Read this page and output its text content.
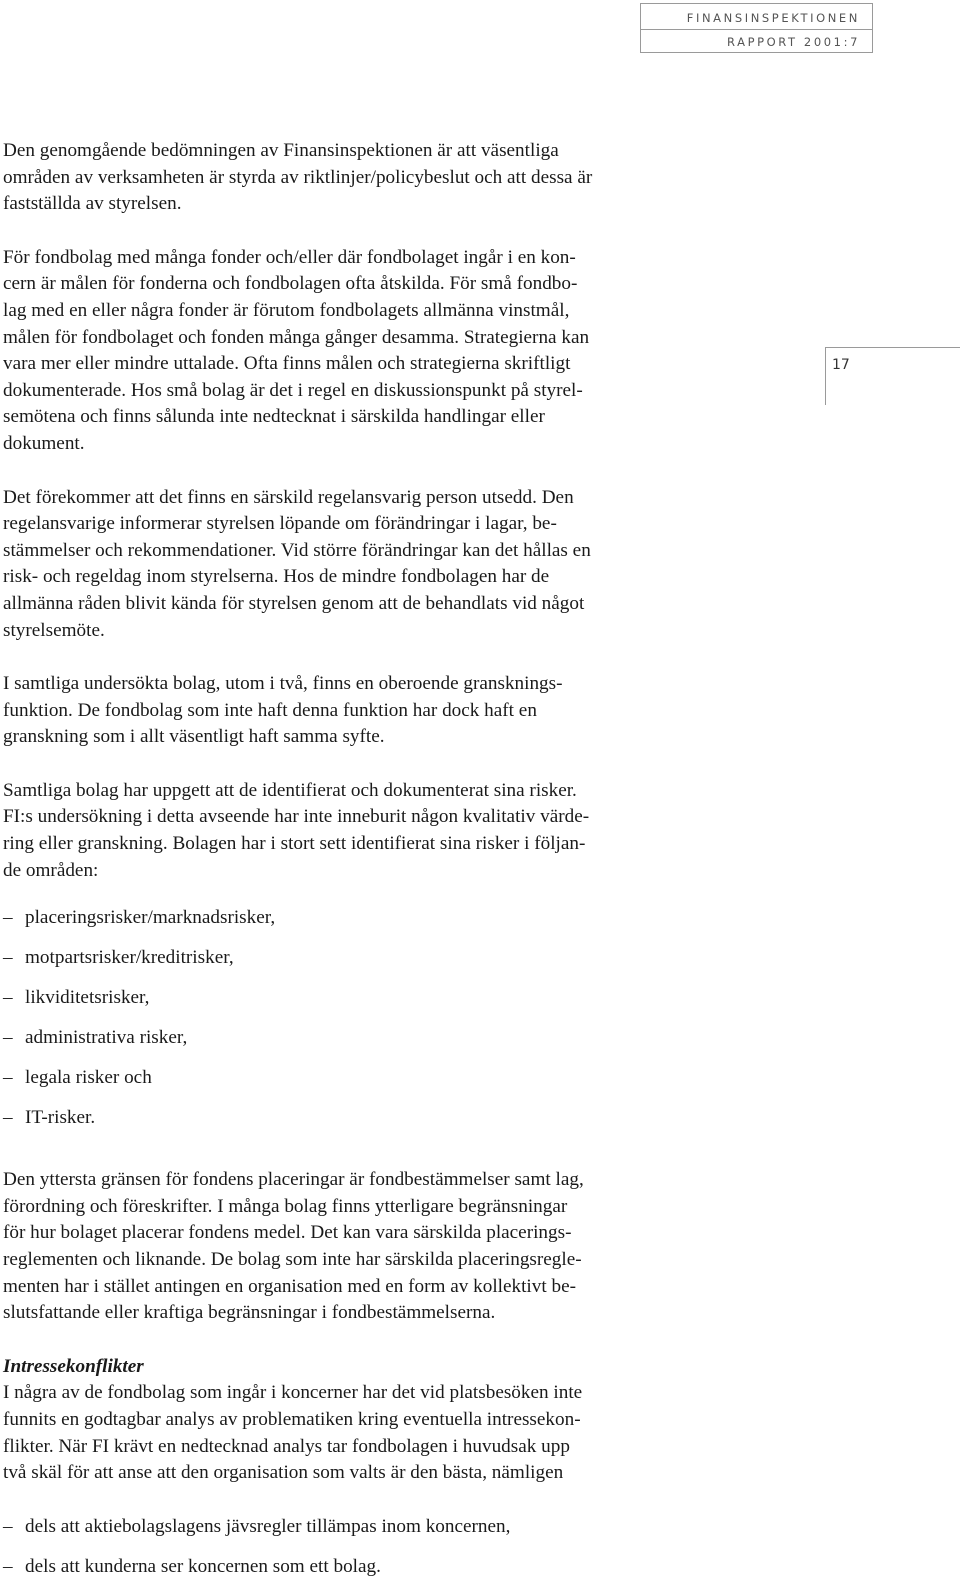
FINANSINSPEKTIONEN
RAPPORT 2001:7
17

Den genomgående bedömningen av Finansinspektionen är att väsentliga
områden av verksamheten är styrda av riktlinjer/policybeslut och att dessa är
fastställda av styrelsen.

För fondbolag med många fonder och/eller där fondbolaget ingår i en kon-
cern är målen för fonderna och fondbolagen ofta åtskilda. För små fondbo-
lag med en eller några fonder är förutom fondbolagets allmänna vinstmål,
målen för fondbolaget och fonden många gånger desamma. Strategierna kan
vara mer eller mindre uttalade. Ofta finns målen och strategierna skriftligt
dokumenterade. Hos små bolag är det i regel en diskussionspunkt på styrel-
semötena och finns sålunda inte nedtecknat i särskilda handlingar eller
dokument.

Det förekommer att det finns en särskild regelansvarig person utsedd. Den
regelansvarige informerar styrelsen löpande om förändringar i lagar, be-
stämmelser och rekommendationer. Vid större förändringar kan det hållas en
risk- och regeldag inom styrelserna. Hos de mindre fondbolagen har de
allmänna råden blivit kända för styrelsen genom att de behandlats vid något
styrelsemöte.

I samtliga undersökta bolag, utom i två, finns en oberoende gransknings-
funktion. De fondbolag som inte haft denna funktion har dock haft en
granskning som i allt väsentligt haft samma syfte.

Samtliga bolag har uppgett att de identifierat och dokumenterat sina risker.
FI:s undersökning i detta avseende har inte inneburit någon kvalitativ värde-
ring eller granskning. Bolagen har i stort sett identifierat sina risker i följan-
de områden:

– placeringsrisker/marknadsrisker,
– motpartsrisker/kreditrisker,
– likviditetsrisker,
– administrativa risker,
– legala risker och
– IT-risker.

Den yttersta gränsen för fondens placeringar är fondbestämmelser samt lag,
förordning och föreskrifter. I många bolag finns ytterligare begränsningar
för hur bolaget placerar fondens medel. Det kan vara särskilda placerings-
reglementen och liknande. De bolag som inte har särskilda placeringsregle-
menten har i stället antingen en organisation med en form av kollektivt be-
slutsfattande eller kraftiga begränsningar i fondbestämmelserna.

Intressekonflikter

I några av de fondbolag som ingår i koncerner har det vid platsbesöken inte
funnits en godtagbar analys av problematiken kring eventuella intressekon-
flikter. När FI krävt en nedtecknad analys tar fondbolagen i huvudsak upp
två skäl för att anse att den organisation som valts är den bästa, nämligen

– dels att aktiebolagslagens jävsregler tillämpas inom koncernen,
– dels att kunderna ser koncernen som ett bolag.
